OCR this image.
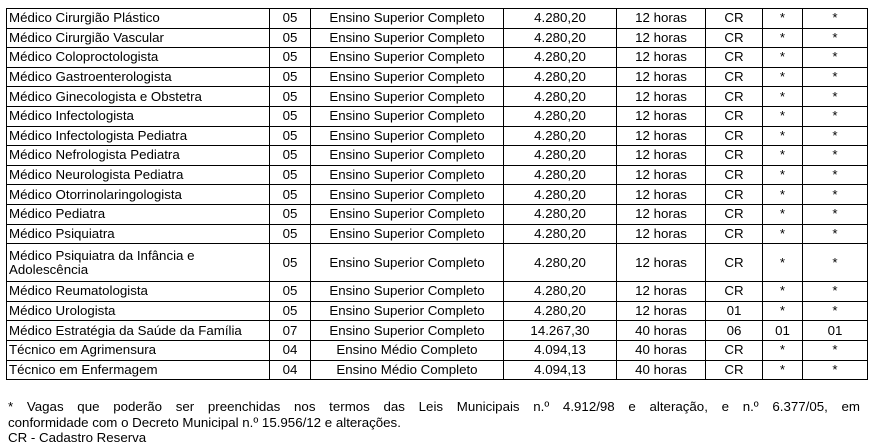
Médico Cirurgião Plástico	05	Ensino Superior Completo	4.280,20	12 horas	CR	*	*
Médico Cirurgião Vascular	05	Ensino Superior Completo	4.280,20	12 horas	CR	*	*
Médico Coloproctologista	05	Ensino Superior Completo	4.280,20	12 horas	CR	*	*
Médico Gastroenterologista	05	Ensino Superior Completo	4.280,20	12 horas	CR	*	*
Médico Ginecologista e Obstetra	05	Ensino Superior Completo	4.280,20	12 horas	CR	*	*
Médico Infectologista	05	Ensino Superior Completo	4.280,20	12 horas	CR	*	*
Médico Infectologista Pediatra	05	Ensino Superior Completo	4.280,20	12 horas	CR	*	*
Médico Nefrologista Pediatra	05	Ensino Superior Completo	4.280,20	12 horas	CR	*	*
Médico Neurologista Pediatra	05	Ensino Superior Completo	4.280,20	12 horas	CR	*	*
Médico Otorrinolaringologista	05	Ensino Superior Completo	4.280,20	12 horas	CR	*	*
Médico Pediatra	05	Ensino Superior Completo	4.280,20	12 horas	CR	*	*
Médico Psiquiatra	05	Ensino Superior Completo	4.280,20	12 horas	CR	*	*
Médico Psiquiatra da Infância e Adolescência	05	Ensino Superior Completo	4.280,20	12 horas	CR	*	*
Médico Reumatologista	05	Ensino Superior Completo	4.280,20	12 horas	CR	*	*
Médico Urologista	05	Ensino Superior Completo	4.280,20	12 horas	01	*	*
Médico Estratégia da Saúde da Família	07	Ensino Superior Completo	14.267,30	40 horas	06	01	01
Técnico em Agrimensura	04	Ensino Médio Completo	4.094,13	40 horas	CR	*	*
Técnico em Enfermagem	04	Ensino Médio Completo	4.094,13	40 horas	CR	*	*
* Vagas que poderão ser preenchidas nos termos das Leis Municipais n.º 4.912/98 e alteração, e n.º 6.377/05, em
conformidade com o Decreto Municipal n.º 15.956/12 e alterações.
CR - Cadastro Reserva
